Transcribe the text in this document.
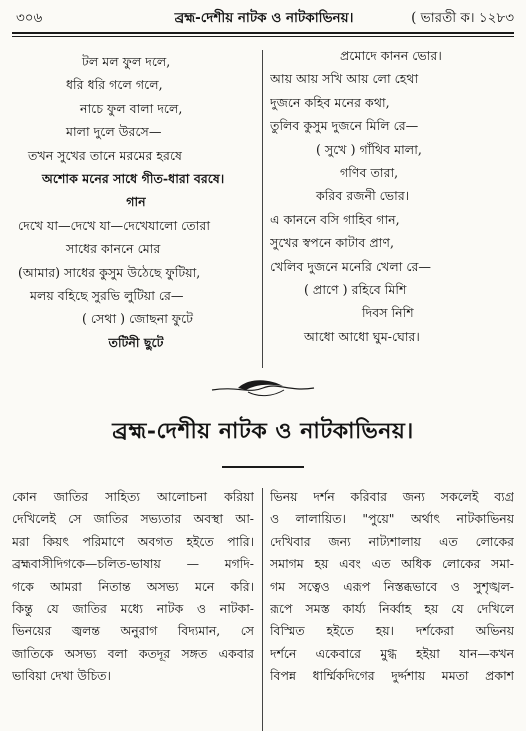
৩০৬	ব্রহ্ম-দেশীয় নাটক ও নাটকাভিনয়।	( ভারতী ক। ১২৮৩
টল মল ফুল দলে,
ধরি ধরি গলে গলে,
নাচে ফুল বালা দলে,
মালা দুলে উরসে—
তখন সুখের তানে মরমের হরষে
অশোক মনের সাধে গীত-ধারা বরষে।
গান
দেখে যা—দেখে যা—দেখেযালো তোরা
সাধের কাননে মোর
(আমার) সাধের কুসুম উঠেছে ফুটিয়া,
মলয় বহিছে সুরভি লুটিয়া রে—
( সেথা ) জোছনা ফুটে
তটিনী ছুটে
প্রমোদে কানন ভোর।
আয় আয় সখি আয় লো হেথা
দুজনে কহিব মনের কথা,
তুলিব কুসুম দুজনে মিলি রে—
( সুখে ) গাঁথিব মালা,
গণিব তারা,
করিব রজনী ভোর।
এ কাননে বসি গাহিব গান,
সুখের স্বপনে কাটাব প্রাণ,
খেলিব দুজনে মনেরি খেলা রে—
( প্রাণে ) রহিবে মিশি
দিবস নিশি
আধো আধো ঘুম-ঘোর।
ব্রহ্ম-দেশীয় নাটক ও নাটকাভিনয়।
কোন জাতির সাহিত্য আলোচনা করিয়া
দেখিলেই সে জাতির সভ্যতার অবস্থা আ-
মরা কিয়ৎ পরিমাণে অবগত হইতে পারি।
ব্রহ্মবাসীদিগকে—চলিত-ভাষায় — মগদি-
গকে আমরা নিতান্ত অসভ্য মনে করি।
কিন্তু যে জাতির মধ্যে নাটক ও নাটকা-
ভিনয়ের জ্বলন্ত অনুরাগ বিদ্যমান, সে
জাতিকে অসভ্য বলা কতদূর সঙ্গত একবার
ভাবিয়া দেখা উচিত।
ভিনয় দর্শন করিবার জন্য সকলেই ব্যগ্র
ও লালায়িত। "পুয়ে" অর্থাৎ নাটকাভিনয়
দেখিবার জন্য নাট্যশালায় এত লোকের
সমাগম হয় এবং এত অধিক লোকের সমা-
গম সত্বেও এরূপ নিস্তব্ধভাবে ও সুশৃঙ্খল-
রূপে সমস্ত কার্য্য নির্ব্বাহ হয় যে দেখিলে
বিস্মিত হইতে হয়। দর্শকেরা অভিনয়
দর্শনে একেবারে মুগ্ধ হইয়া যান—কখন
বিপন্ন ধার্ম্মিকদিগের দুর্দ্দশায় মমতা প্রকাশ
